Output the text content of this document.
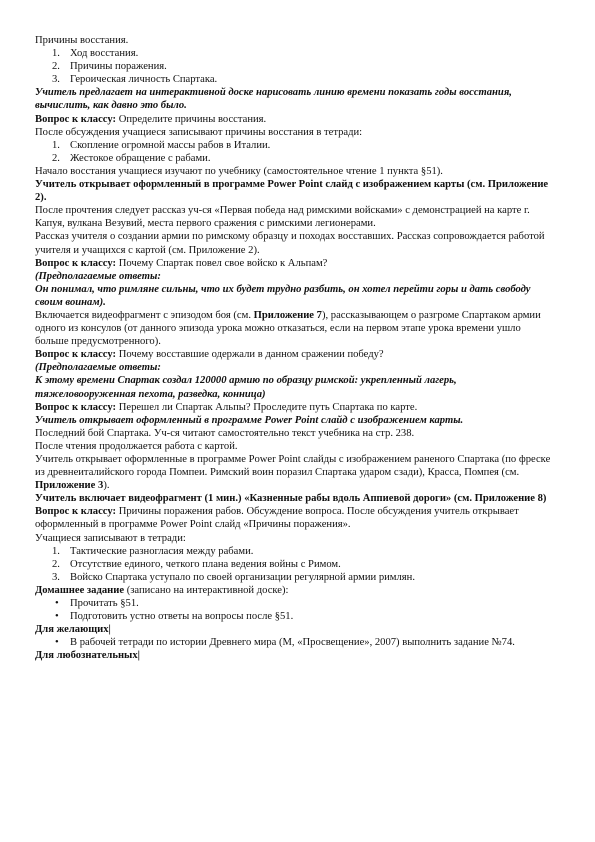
Причины восстания.

1. Ход восстания.
2. Причины поражения.
3. Героическая личность Спартака.

Учитель предлагает на интерактивной доске нарисовать линию времени показать годы восстания, вычислить, как давно это было.

Вопрос к классу: Определите причины восстания.

После обсуждения учащиеся записывают причины восстания в тетради:

1. Скопление огромной массы рабов в Италии.
2. Жестокое обращение с рабами.

Начало восстания учащиеся изучают по учебнику (самостоятельное чтение 1 пункта §51).

Учитель открывает оформленный в программе Power Point слайд с изображением карты (см. Приложение 2).

После прочтения следует рассказ уч-ся «Первая победа над римскими войсками» с демонстрацией на карте г. Капуя, вулкана Везувий, места первого сражения с римскими легионерами.

Рассказ учителя о создании армии по римскому образцу и походах восставших. Рассказ сопровождается работой учителя и учащихся с картой (см. Приложение 2).

Вопрос к классу: Почему Спартак повел свое войско к Альпам?

(Предполагаемые ответы:

Он понимал, что римляне сильны, что их будет трудно разбить, он хотел перейти горы и дать свободу своим воинам).

Включается видеофрагмент с эпизодом боя (см. Приложение 7), рассказывающем о разгроме Спартаком армии одного из консулов (от данного эпизода урока можно отказаться, если на первом этапе урока времени ушло больше предусмотренного).

Вопрос к классу: Почему восставшие одержали в данном сражении победу?

(Предполагаемые ответы:

К этому времени Спартак создал 120000 армию по образцу римской: укрепленный лагерь, тяжеловооруженная пехота, разведка, конница)

Вопрос к классу: Перешел ли Спартак Альпы? Проследите путь Спартака по карте.

Учитель открывает оформленный в программе Power Point слайд с изображением карты.

Последний бой Спартака. Уч-ся читают самостоятельно текст учебника на стр. 238.

После чтения продолжается работа с картой.

Учитель открывает оформленные в программе Power Point слайды с изображением раненого Спартака (по фреске из древнеиталийского города Помпеи. Римский воин поразил Спартака ударом сзади), Красса, Помпея (см. Приложение 3).

Учитель включает видеофрагмент (1 мин.) «Казненные рабы вдоль Аппиевой дороги» (см. Приложение 8)

Вопрос к классу: Причины поражения рабов. Обсуждение вопроса. После обсуждения учитель открывает оформленный в программе Power Point слайд «Причины поражения».

Учащиеся записывают в тетради:

1. Тактические разногласия между рабами.
2. Отсутствие единого, четкого плана ведения войны с Римом.
3. Войско Спартака уступало по своей организации регулярной армии римлян.

Домашнее задание (записано на интерактивной доске):

• Прочитать §51.
• Подготовить устно ответы на вопросы после §51.

Для желающих|

• В рабочей тетради по истории Древнего мира (М, «Просвещение», 2007) выполнить задание №74.

Для любознательных|
